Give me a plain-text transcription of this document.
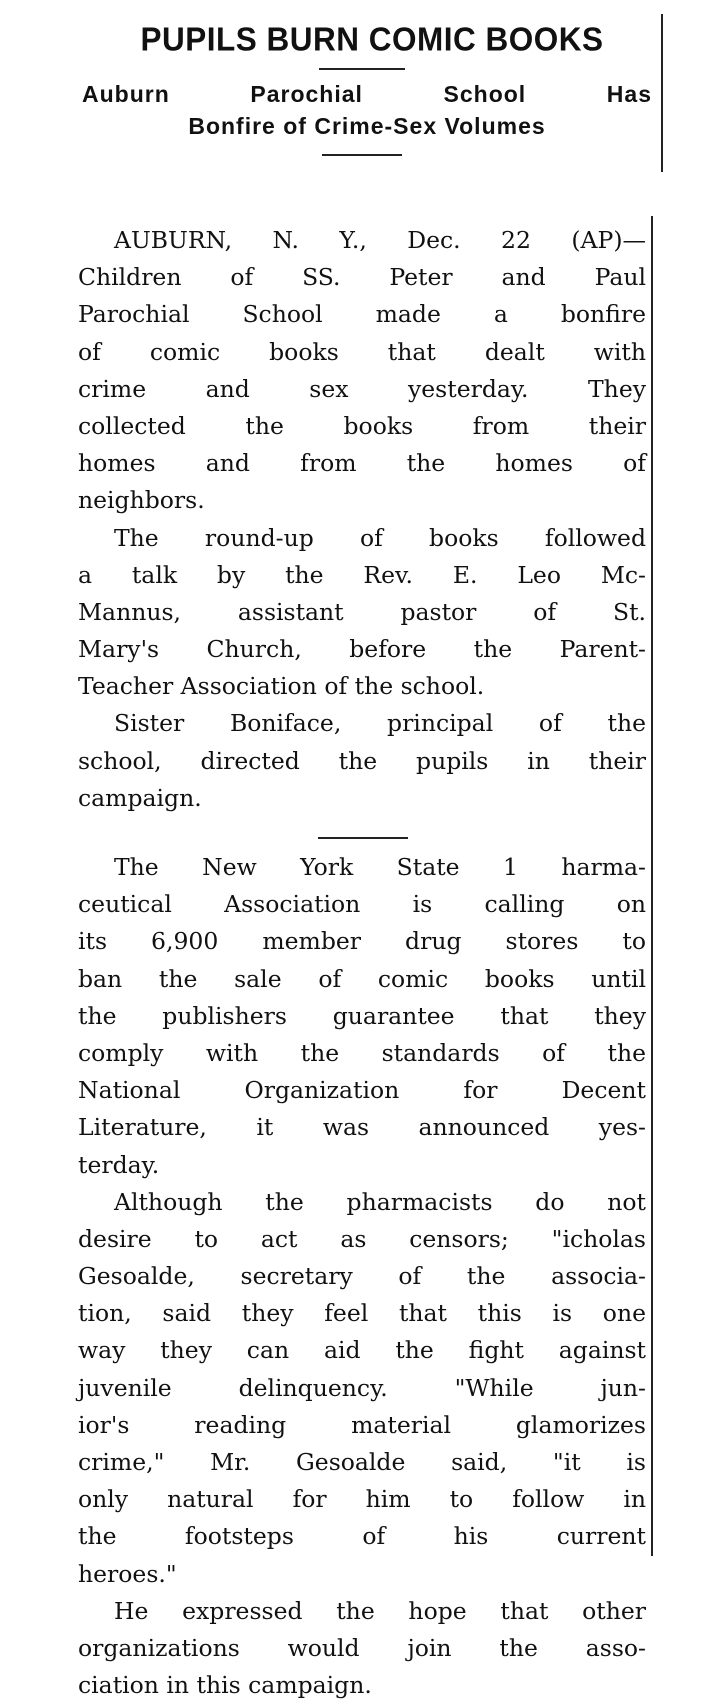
PUPILS BURN COMIC BOOKS
Auburn Parochial School Has
Bonfire of Crime-Sex Volumes
AUBURN, N. Y., Dec. 22 (AP)—
Children of SS. Peter and Paul
Parochial School made a bonfire
of comic books that dealt with
crime and sex yesterday. They
collected the books from their
homes and from the homes of
neighbors.
The round-up of books followed
a talk by the Rev. E. Leo Mc-
Mannus, assistant pastor of St.
Mary's Church, before the Parent-
Teacher Association of the school.
Sister Boniface, principal of the
school, directed the pupils in their
campaign.
The New York State 1 harma-
ceutical Association is calling on
its 6,900 member drug stores to
ban the sale of comic books until
the publishers guarantee that they
comply with the standards of the
National Organization for Decent
Literature, it was announced yes-
terday.
Although the pharmacists do not
desire to act as censors; "icholas
Gesoalde, secretary of the associa-
tion, said they feel that this is one
way they can aid the fight against
juvenile delinquency. "While jun-
ior's reading material glamorizes
crime," Mr. Gesoalde said, "it is
only natural for him to follow in
the footsteps of his current
heroes."
He expressed the hope that other
organizations would join the asso-
ciation in this campaign.
